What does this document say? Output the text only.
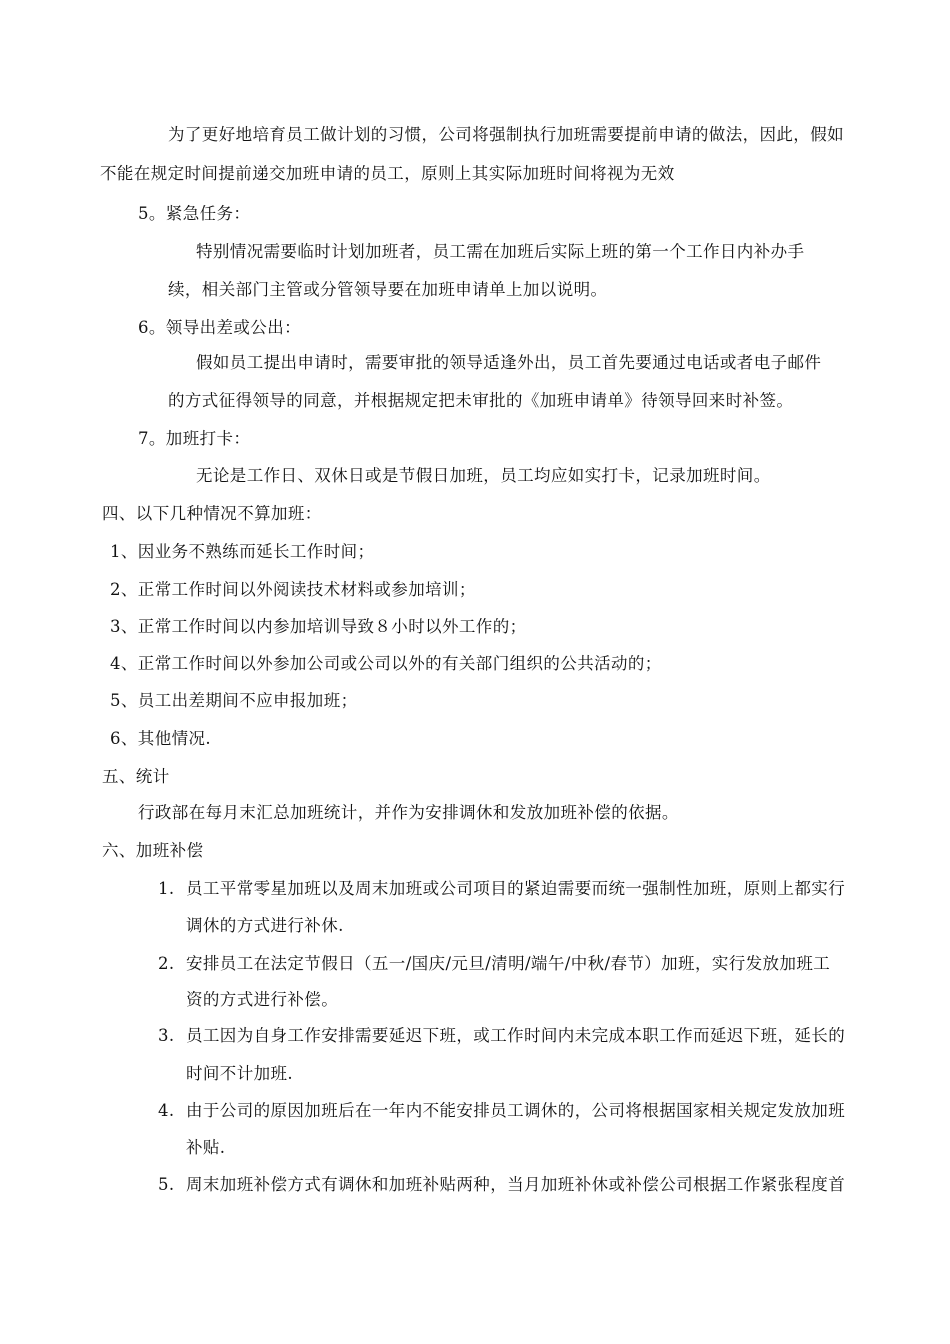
为了更好地培育员工做计划的习惯，公司将强制执行加班需要提前申请的做法，因此，假如
不能在规定时间提前递交加班申请的员工，原则上其实际加班时间将视为无效
5。紧急任务：
特别情况需要临时计划加班者，员工需在加班后实际上班的第一个工作日内补办手
续，相关部门主管或分管领导要在加班申请单上加以说明。
6。领导出差或公出：
假如员工提出申请时，需要审批的领导适逢外出，员工首先要通过电话或者电子邮件
的方式征得领导的同意，并根据规定把未审批的《加班申请单》待领导回来时补签。
7。加班打卡：
无论是工作日、双休日或是节假日加班，员工均应如实打卡，记录加班时间。
四、以下几种情况不算加班：
1、因业务不熟练而延长工作时间；
2、正常工作时间以外阅读技术材料或参加培训；
3、正常工作时间以内参加培训导致８小时以外工作的；
4、正常工作时间以外参加公司或公司以外的有关部门组织的公共活动的；
5、员工出差期间不应申报加班；
6、其他情况.
五、统计
行政部在每月末汇总加班统计，并作为安排调休和发放加班补偿的依据。
六、加班补偿
1. 员工平常零星加班以及周末加班或公司项目的紧迫需要而统一强制性加班，原则上都实行
调休的方式进行补休.
2. 安排员工在法定节假日（五一/国庆/元旦/清明/端午/中秋/春节）加班，实行发放加班工
资的方式进行补偿。
3. 员工因为自身工作安排需要延迟下班，或工作时间内未完成本职工作而延迟下班，延长的
时间不计加班.
4. 由于公司的原因加班后在一年内不能安排员工调休的，公司将根据国家相关规定发放加班
补贴.
5. 周末加班补偿方式有调休和加班补贴两种，当月加班补休或补偿公司根据工作紧张程度首
